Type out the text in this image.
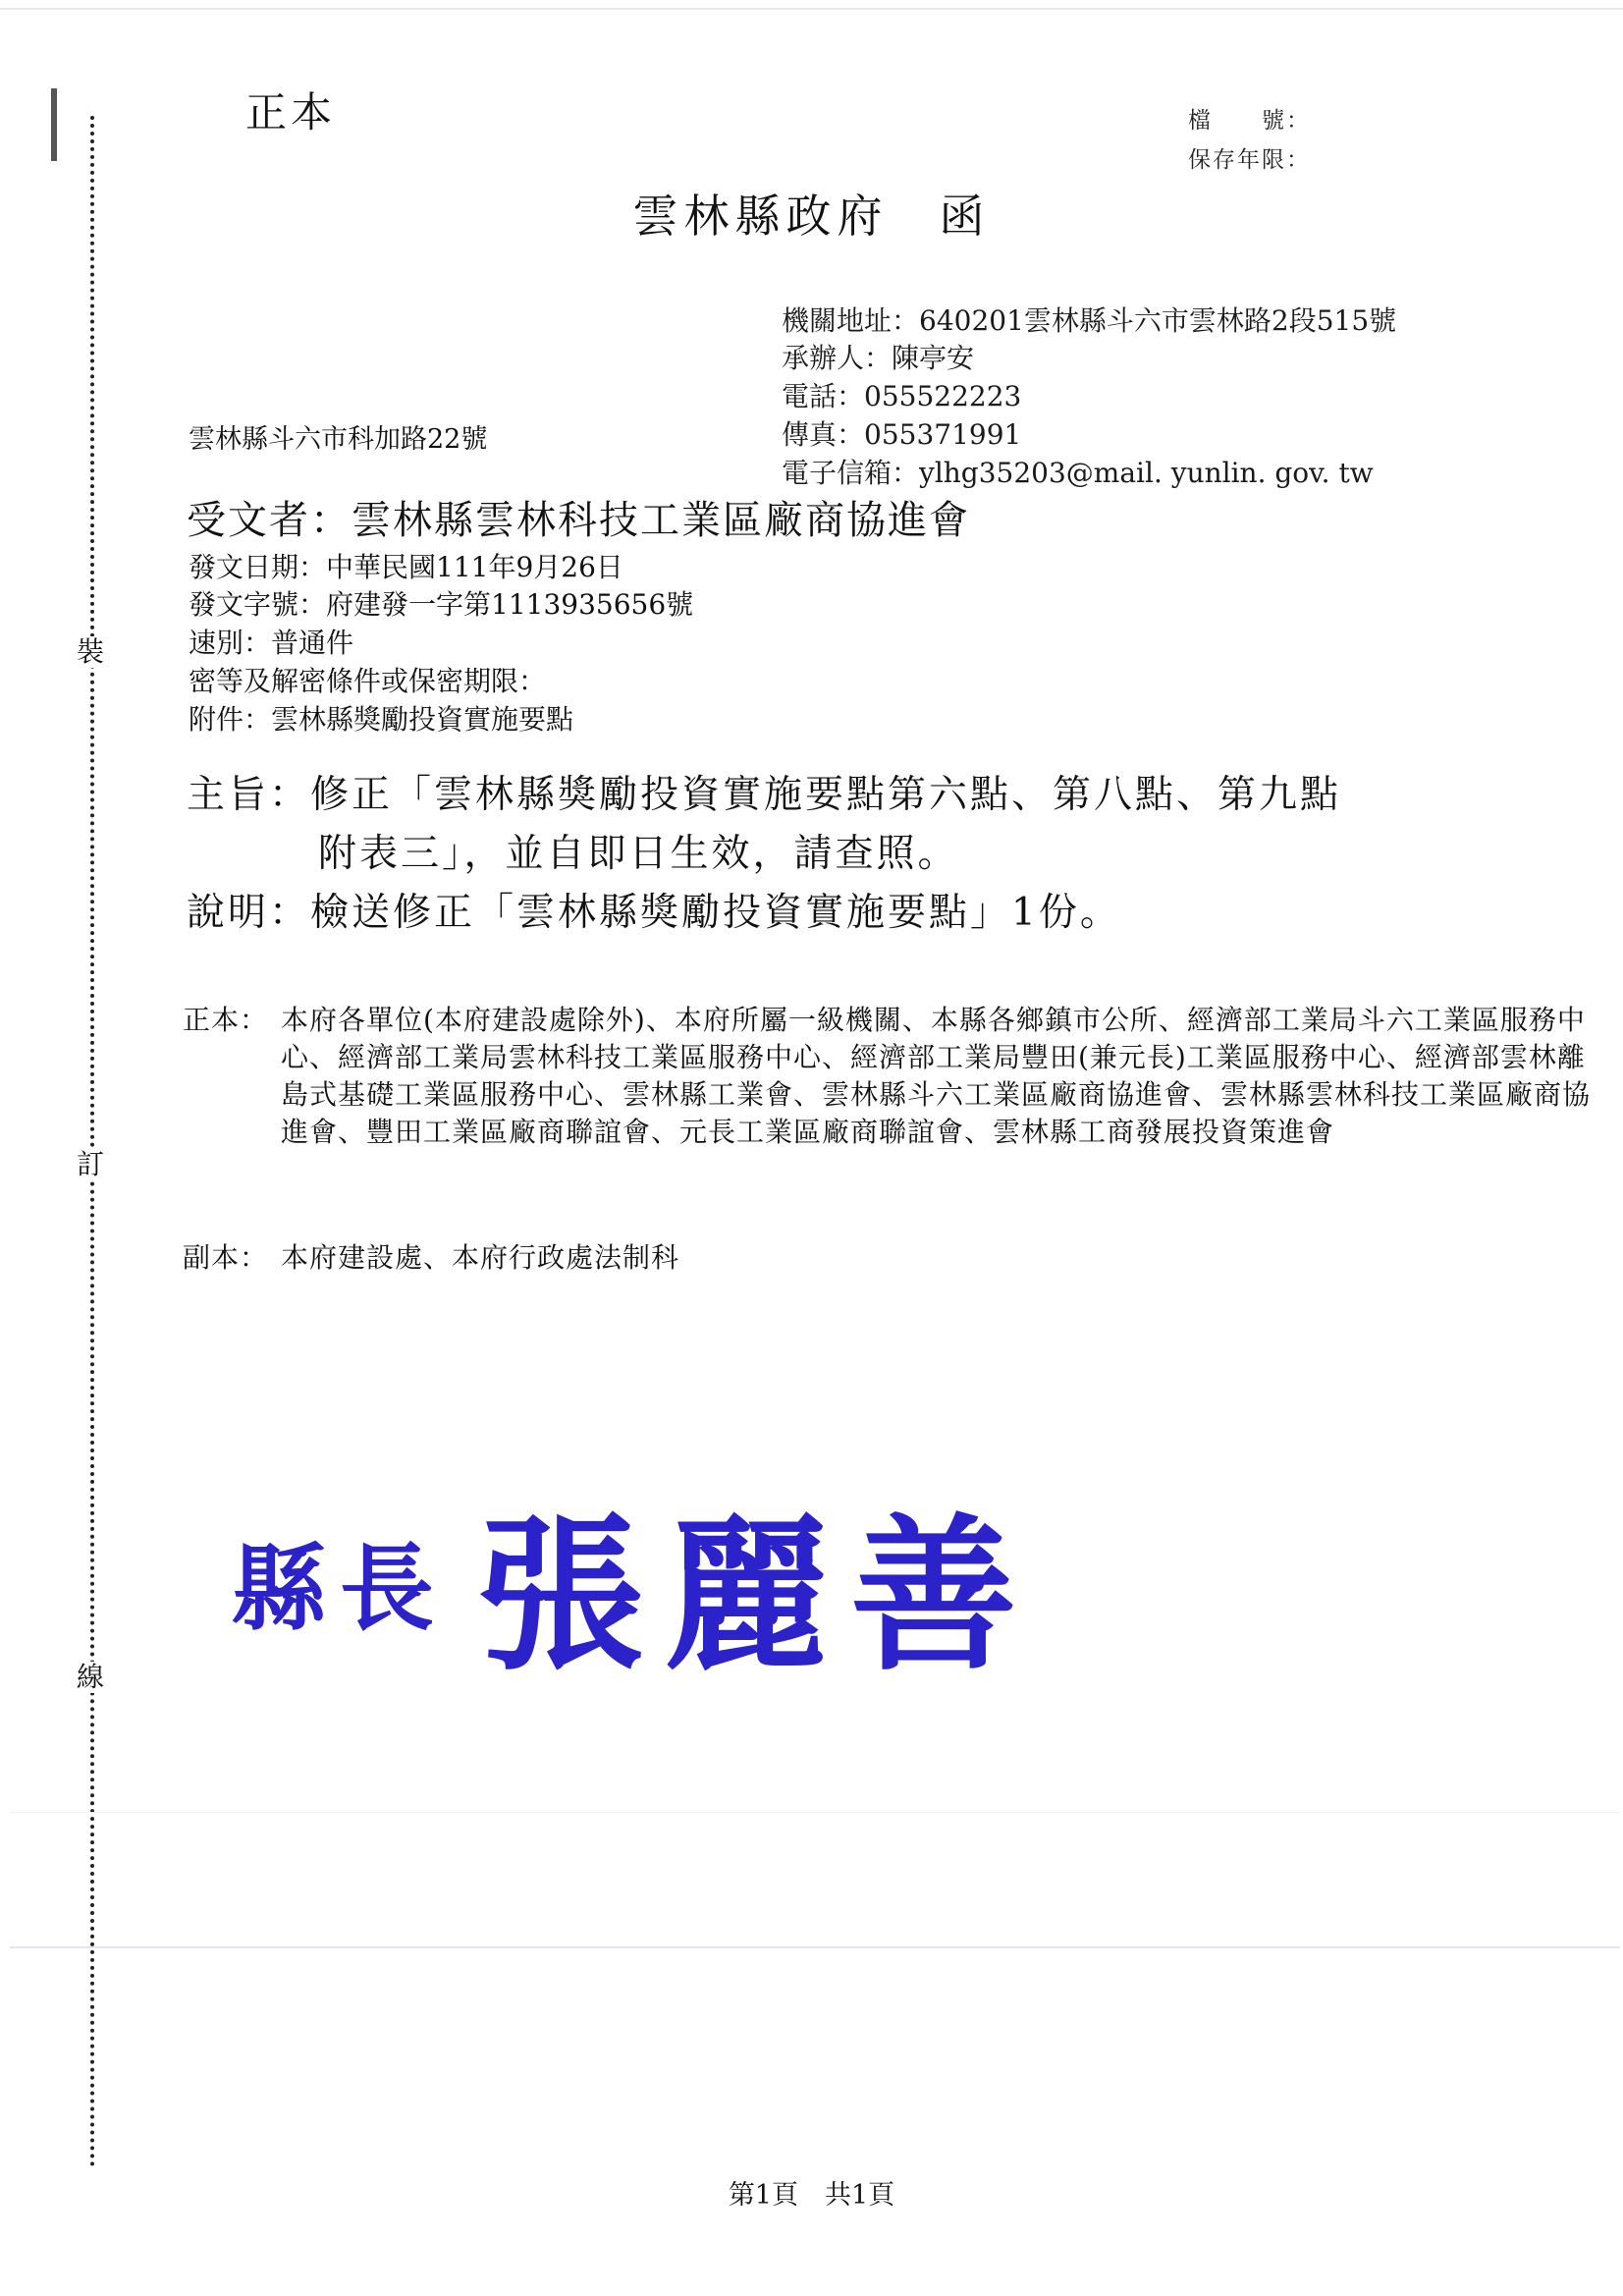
裝
訂
線
正本	檔　　號：
保存年限：
雲林縣政府　函
機關地址：640201雲林縣斗六市雲林路2段515號
承辦人：陳亭安
電話：055522223
傳真：055371991
電子信箱：ylhg35203@mail. yunlin. gov. tw
雲林縣斗六市科加路22號
受文者：雲林縣雲林科技工業區廠商協進會
發文日期：中華民國111年9月26日
發文字號：府建發一字第1113935656號
速別：普通件
密等及解密條件或保密期限：
附件：雲林縣獎勵投資實施要點
主旨：修正「雲林縣獎勵投資實施要點第六點、第八點、第九點
附表三」，並自即日生效，請查照。
說明：檢送修正「雲林縣獎勵投資實施要點」1份。
正本： 本府各單位(本府建設處除外)、本府所屬一級機關、本縣各鄉鎮市公所、經濟部工業局斗六工業區服務中心、經濟部工業局雲林科技工業區服務中心、經濟部工業局豐田(兼元長)工業區服務中心、經濟部雲林離島式基礎工業區服務中心、雲林縣工業會、雲林縣斗六工業區廠商協進會、雲林縣雲林科技工業區廠商協進會、豐田工業區廠商聯誼會、元長工業區廠商聯誼會、雲林縣工商發展投資策進會
副本： 本府建設處、本府行政處法制科
縣長 張麗善
第1頁　共1頁
